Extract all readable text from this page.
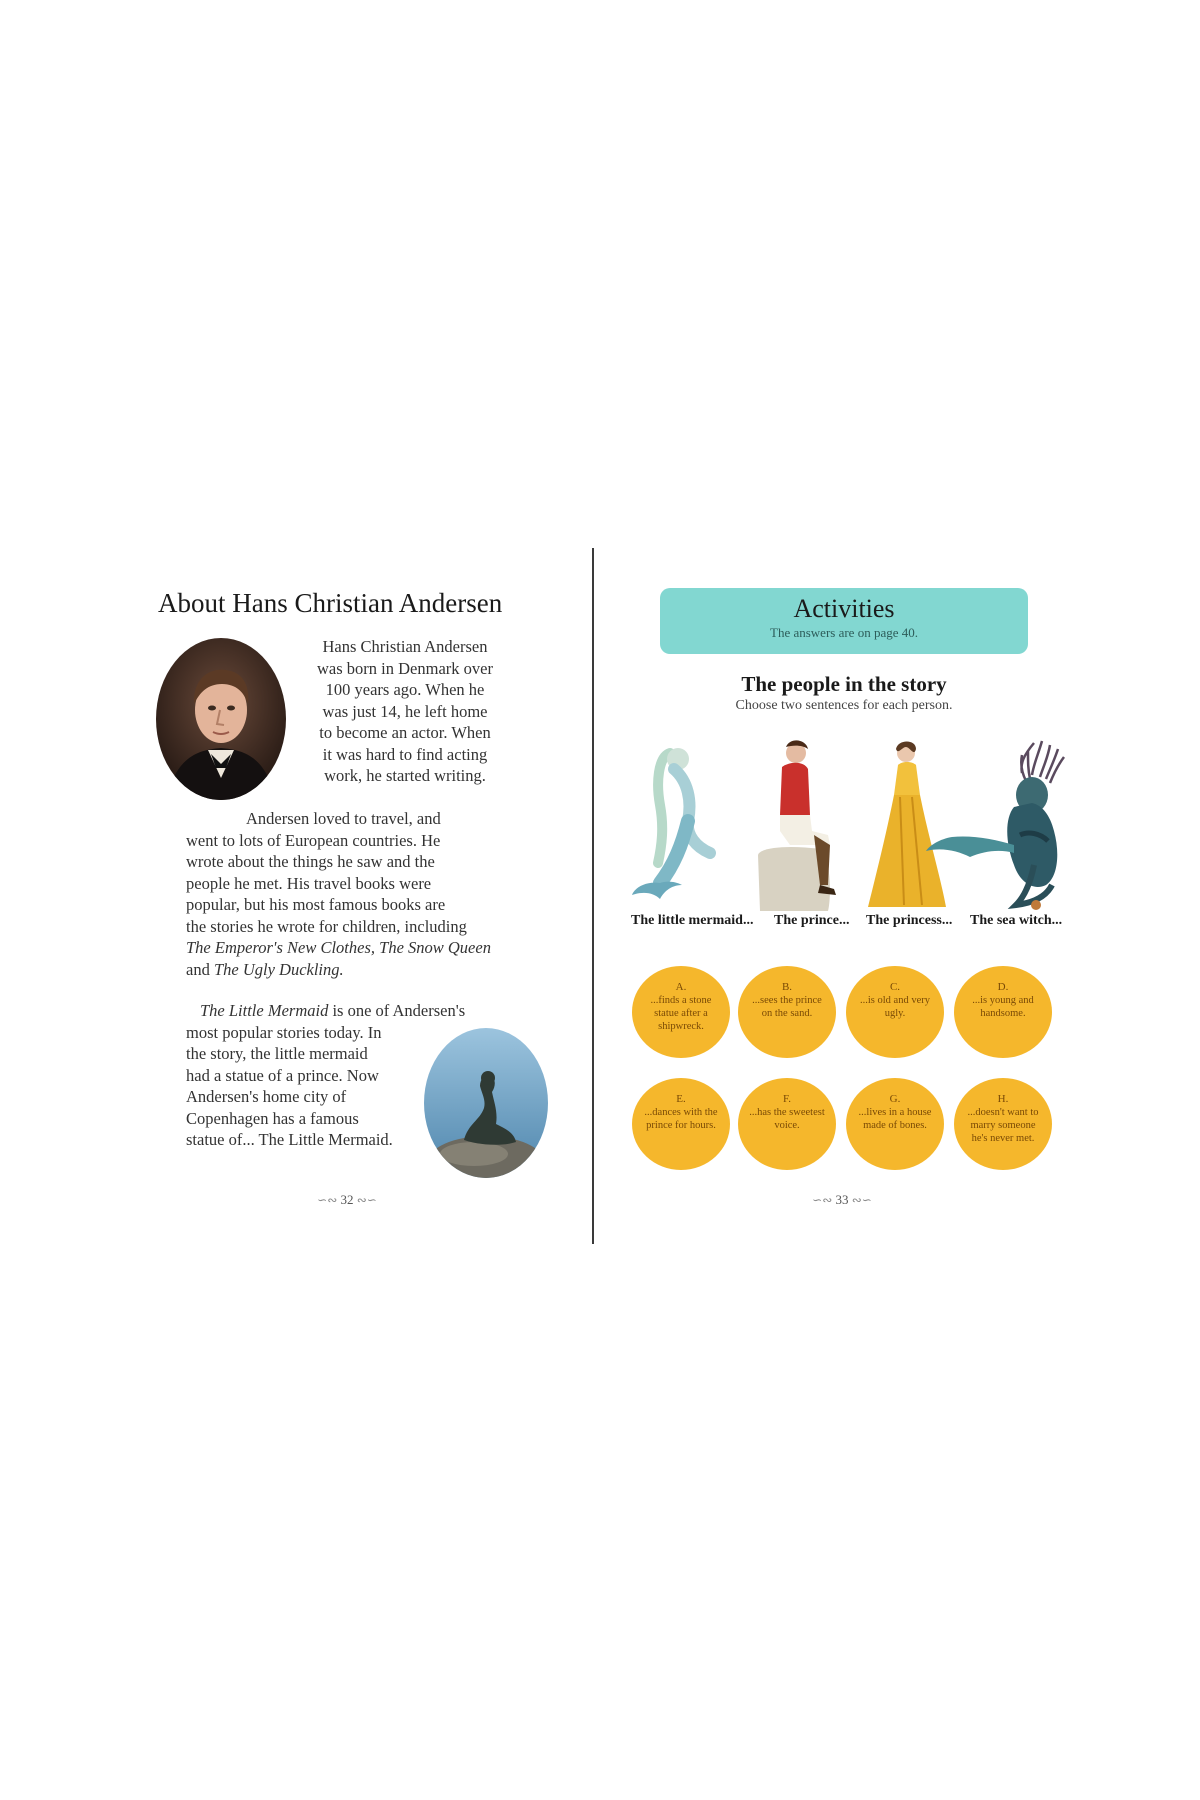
About Hans Christian Andersen

Hans Christian Andersen

was born in Denmark over

100 years ago. When he

was just 14, he left home

to become an actor. When

it was hard to find acting

work, he started writing.

Andersen loved to travel, and

went to lots of European countries. He

wrote about the things he saw and the

people he met. His travel books were

popular, but his most famous books are

the stories he wrote for children, including

The Emperor's New Clothes, The Snow Queen

and The Ugly Duckling.

The Little Mermaid is one of Andersen's

most popular stories today. In

the story, the little mermaid

had a statue of a prince. Now

Andersen's home city of

Copenhagen has a famous

statue of... The Little Mermaid.

∽∾ 32 ∾∽
Activities
The answers are on page 40.
The people in the story
Choose two sentences for each person.
The little mermaid... The prince... The princess... The sea witch...
A.
...finds a stone statue after a shipwreck.
B.
...sees the prince on the sand.
C.
...is old and very ugly.
D.
...is young and handsome.
E.
...dances with the prince for hours.
F.
...has the sweetest voice.
G.
...lives in a house made of bones.
H.
...doesn't want to marry someone he's never met.
∽∾ 33 ∾∽
